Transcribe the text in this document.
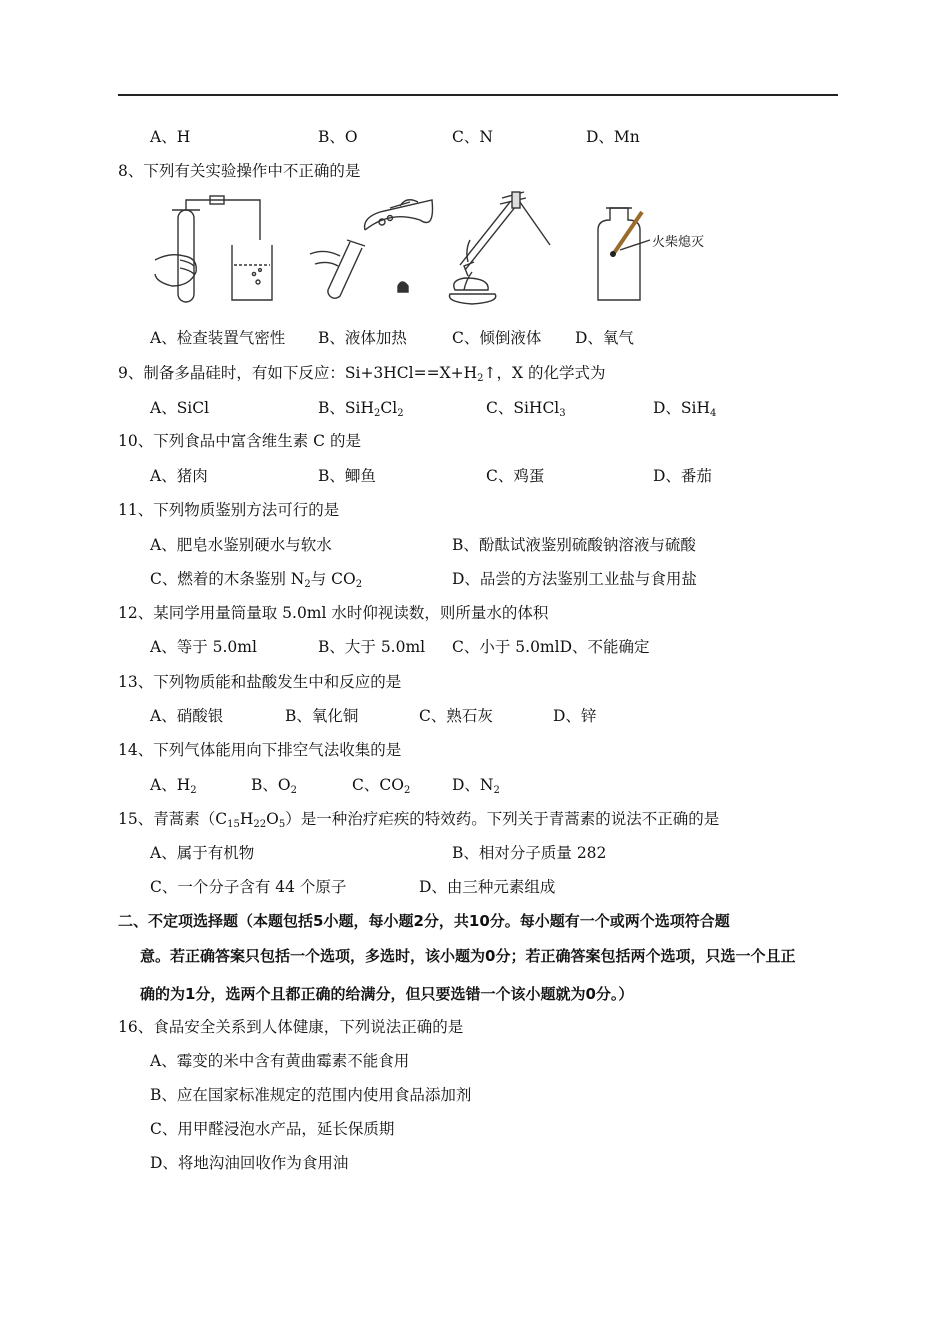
A、H	B、O	C、N	D、Mn
8、下列有关实验操作中不正确的是
火柴熄灭
A、检查装置气密性 B、液体加热	C、倾倒液体 D、氧气
9、制备多晶硅时，有如下反应：$Si+3HCl==X+H_2↑$，X 的化学式为
A、SiCl	B、$SiH_2Cl_2$	C、SiHCl$_3$	D、SiH$_4$
10、下列食品中富含维生素 C 的是
A、猪肉	B、鲫鱼	C、鸡蛋	D、番茄
11、下列物质鉴别方法可行的是
A、肥皂水鉴别硬水与软水	B、酚酞试液鉴别硫酸钠溶液与硫酸
C、燃着的木条鉴别 $N_2$与 $CO_2$	D、品尝的方法鉴别工业盐与食用盐
12、某同学用量筒量取 5.0ml 水时仰视读数，则所量水的体积
A、等于 5.0ml	B、大于 5.0ml C、小于 5.0mlD、不能确定
13、下列物质能和盐酸发生中和反应的是
A、硝酸银	B、氧化铜	C、熟石灰	D、锌
14、下列气体能用向下排空气法收集的是
A、$H_2$	B、$O_2$	C、$CO_2$	D、$N_2$
15、青蒿素$(C_{15}H_{22}O_5)$是一种治疗疟疾的特效药。下列关于青蒿素的说法不正确的是
A、属于有机物	B、相对分子质量 282
C、一个分子含有 44 个原子	D、由三种元素组成
二、不定项选择题（本题包括5小题，每小题2分，共10分。每小题有一个或两个选项符合题
意。若正确答案只包括一个选项，多选时，该小题为0分；若正确答案包括两个选项，只选一个且正
确的为1分，选两个且都正确的给满分，但只要选错一个该小题就为0分。）
16、食品安全关系到人体健康，下列说法正确的是
A、霉变的米中含有黄曲霉素不能食用
B、应在国家标准规定的范围内使用食品添加剂
C、用甲醛浸泡水产品，延长保质期
D、将地沟油回收作为食用油
